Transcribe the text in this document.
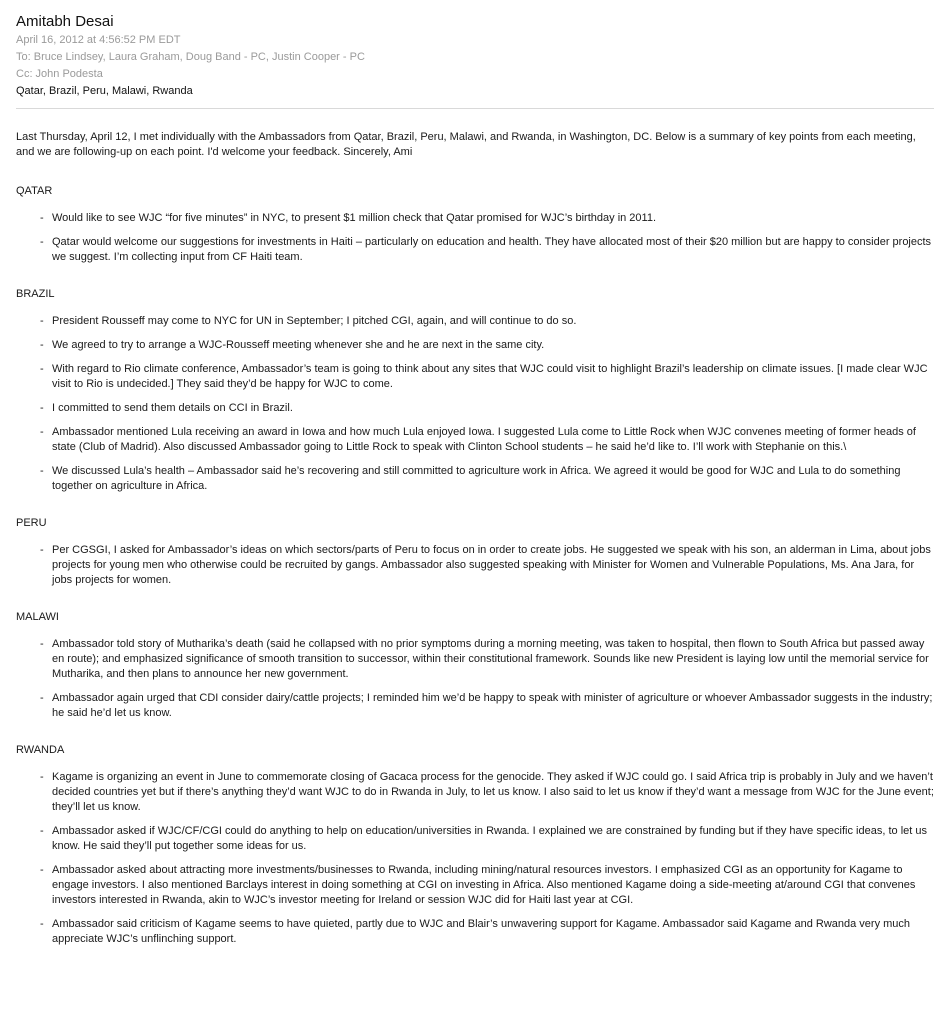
Amitabh Desai
April 16, 2012 at 4:56:52 PM EDT
To: Bruce Lindsey, Laura Graham, Doug Band - PC, Justin Cooper - PC
Cc: John Podesta
Qatar, Brazil, Peru, Malawi, Rwanda

Last Thursday, April 12, I met individually with the Ambassadors from Qatar, Brazil, Peru, Malawi, and Rwanda, in Washington, DC. Below is a summary of key points from each meeting, and we are following-up on each point. I'd welcome your feedback. Sincerely, Ami

QATAR
- Would like to see WJC “for five minutes” in NYC, to present $1 million check that Qatar promised for WJC’s birthday in 2011.
- Qatar would welcome our suggestions for investments in Haiti – particularly on education and health. They have allocated most of their $20 million but are happy to consider projects we suggest. I’m collecting input from CF Haiti team.
BRAZIL
- President Rousseff may come to NYC for UN in September; I pitched CGI, again, and will continue to do so.
- We agreed to try to arrange a WJC-Rousseff meeting whenever she and he are next in the same city.
- With regard to Rio climate conference, Ambassador’s team is going to think about any sites that WJC could visit to highlight Brazil’s leadership on climate issues. [I made clear WJC visit to Rio is undecided.] They said they’d be happy for WJC to come.
- I committed to send them details on CCI in Brazil.
- Ambassador mentioned Lula receiving an award in Iowa and how much Lula enjoyed Iowa. I suggested Lula come to Little Rock when WJC convenes meeting of former heads of state (Club of Madrid). Also discussed Ambassador going to Little Rock to speak with Clinton School students – he said he’d like to. I’ll work with Stephanie on this.\
- We discussed Lula’s health – Ambassador said he’s recovering and still committed to agriculture work in Africa. We agreed it would be good for WJC and Lula to do something together on agriculture in Africa.
PERU
- Per CGSGI, I asked for Ambassador’s ideas on which sectors/parts of Peru to focus on in order to create jobs. He suggested we speak with his son, an alderman in Lima, about jobs projects for young men who otherwise could be recruited by gangs. Ambassador also suggested speaking with Minister for Women and Vulnerable Populations, Ms. Ana Jara, for jobs projects for women.
MALAWI
- Ambassador told story of Mutharika’s death (said he collapsed with no prior symptoms during a morning meeting, was taken to hospital, then flown to South Africa but passed away en route); and emphasized significance of smooth transition to successor, within their constitutional framework. Sounds like new President is laying low until the memorial service for Mutharika, and then plans to announce her new government.
- Ambassador again urged that CDI consider dairy/cattle projects; I reminded him we’d be happy to speak with minister of agriculture or whoever Ambassador suggests in the industry; he said he’d let us know.
RWANDA
- Kagame is organizing an event in June to commemorate closing of Gacaca process for the genocide. They asked if WJC could go. I said Africa trip is probably in July and we haven’t decided countries yet but if there’s anything they’d want WJC to do in Rwanda in July, to let us know. I also said to let us know if they’d want a message from WJC for the June event; they’ll let us know.
- Ambassador asked if WJC/CF/CGI could do anything to help on education/universities in Rwanda. I explained we are constrained by funding but if they have specific ideas, to let us know. He said they’ll put together some ideas for us.
- Ambassador asked about attracting more investments/businesses to Rwanda, including mining/natural resources investors. I emphasized CGI as an opportunity for Kagame to engage investors. I also mentioned Barclays interest in doing something at CGI on investing in Africa. Also mentioned Kagame doing a side-meeting at/around CGI that convenes investors interested in Rwanda, akin to WJC’s investor meeting for Ireland or session WJC did for Haiti last year at CGI.
- Ambassador said criticism of Kagame seems to have quieted, partly due to WJC and Blair’s unwavering support for Kagame. Ambassador said Kagame and Rwanda very much appreciate WJC’s unflinching support.
